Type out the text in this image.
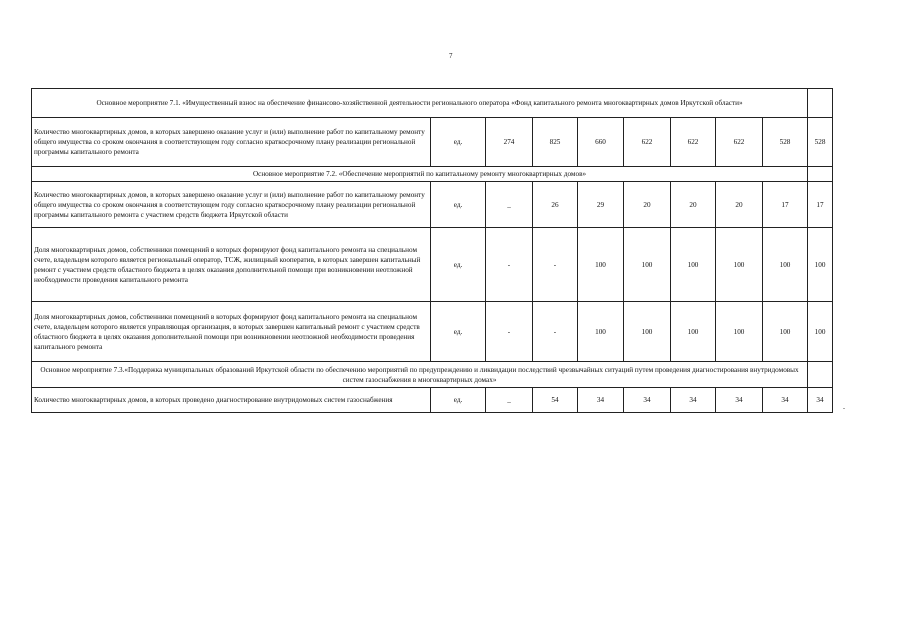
7
Основное мероприятие 7.1. «Имущественный взнос на обеспечение финансово-хозяйственной деятельности регионального оператора «Фонд капитального ремонта многоквартирных домов Иркутской области»									
Количество многоквартирных домов, в которых завершено оказание услуг и (или) выполнение работ по капитальному ремонту общего имущества со сроком окончания в соответствующем году согласно краткосрочному плану реализации региональной программы капитального ремонта	ед.	274	825	660	622	622	622	528	528
Основное мероприятие 7.2. «Обеспечение мероприятий по капитальному ремонту многоквартирных домов»									
Количество многоквартирных домов, в которых завершено оказание услуг и (или) выполнение работ по капитальному ремонту общего имущества со сроком окончания в соответствующем году согласно краткосрочному плану реализации региональной программы капитального ремонта с участием средств бюджета Иркутской области	ед.	_	26	29	20	20	20	17	17
Доля многоквартирных домов, собственники помещений в которых формируют фонд капитального ремонта на специальном счете, владельцем которого является региональный оператор, ТСЖ, жилищный кооператив, в которых завершен капитальный ремонт с участием средств областного бюджета в целях оказания дополнительной помощи при возникновении неотложной необходимости проведения капитального ремонта	ед.	-	-	100	100	100	100	100	100
Доля многоквартирных домов, собственники помещений в которых формируют фонд капитального ремонта на специальном счете, владельцем которого является управляющая организация, в которых завершен капитальный ремонт с участием средств областного бюджета в целях оказания дополнительной помощи при возникновении неотложной необходимости проведения капитального ремонта	ед.	-	-	100	100	100	100	100	100
Основное мероприятие 7.3.«Поддержка муниципальных образований Иркутской области по обеспечению мероприятий по предупреждению и ликвидации последствий чрезвычайных ситуаций путем проведения диагностирования внутридомовых систем газоснабжения в многоквартирных домах»									
Количество многоквартирных домов, в которых проведено диагностирование внутридомовых систем газоснабжения	ед.	_	54	34	34	34	34	34	34
.
